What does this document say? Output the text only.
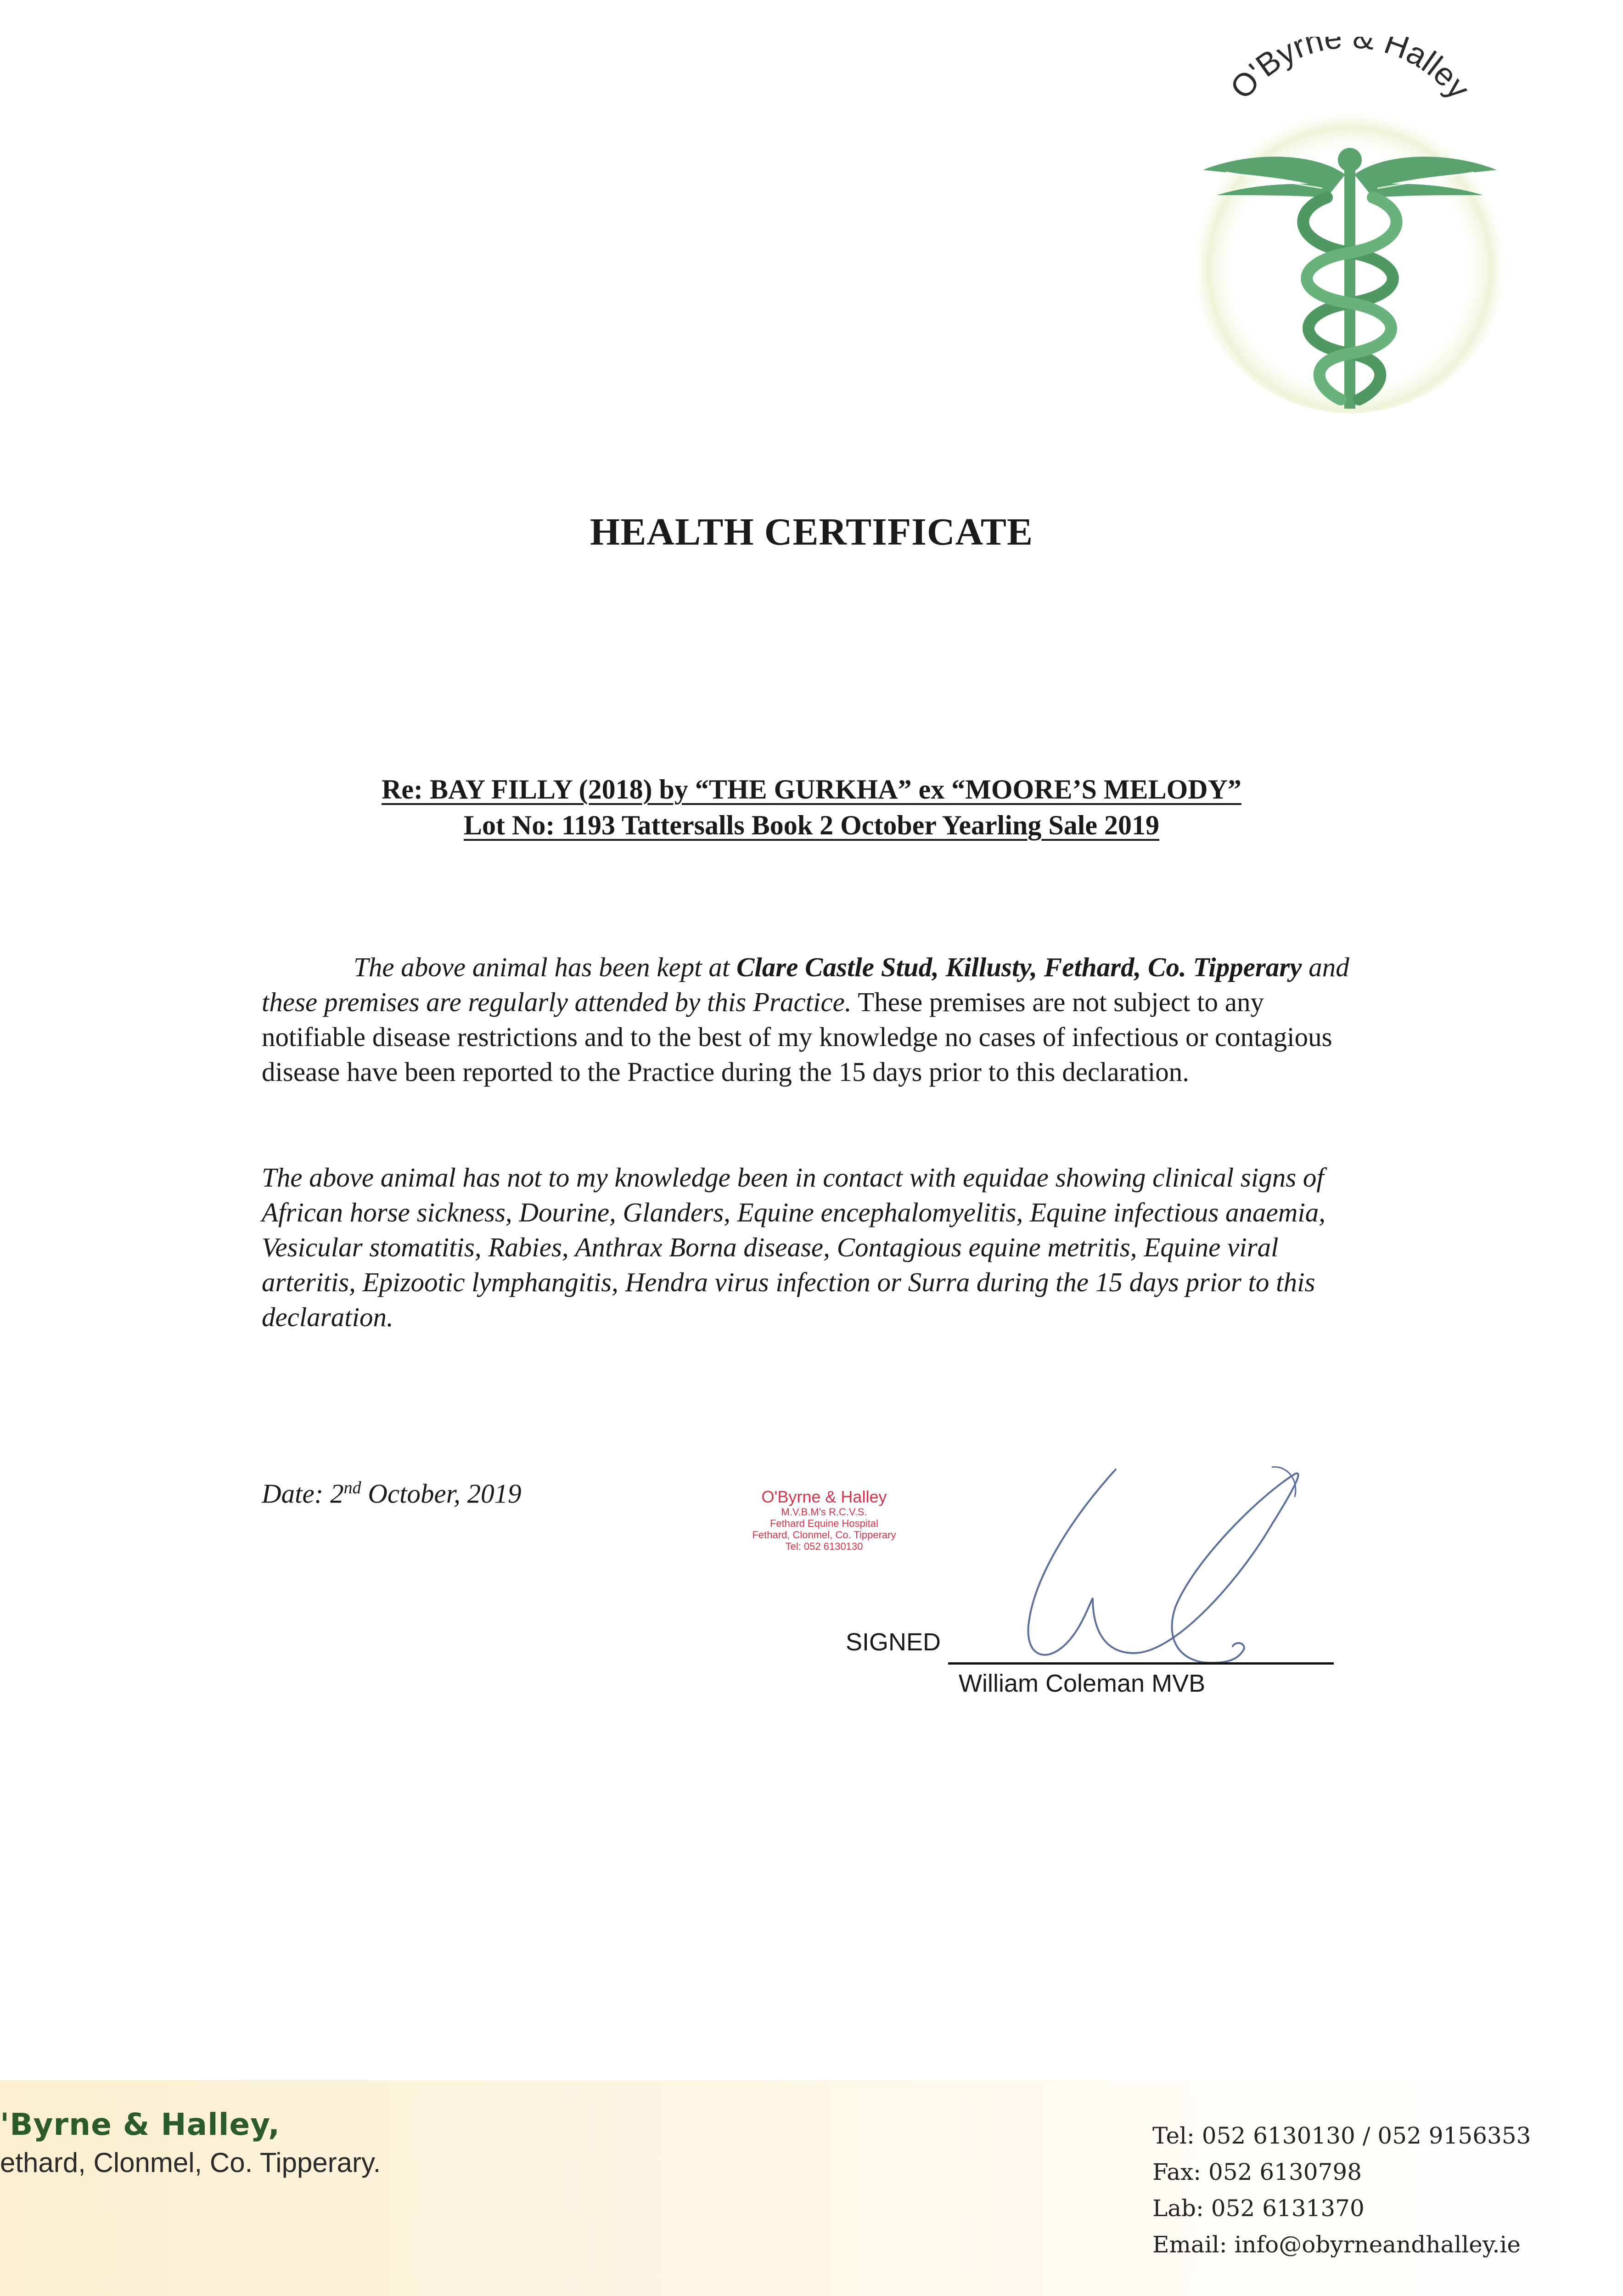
O'Byrne & Halley
HEALTH CERTIFICATE
Re: BAY FILLY (2018) by “THE GURKHA” ex “MOORE’S MELODY”
Lot No: 1193 Tattersalls Book 2 October Yearling Sale 2019
The above animal has been kept at Clare Castle Stud, Killusty, Fethard, Co. Tipperary and these premises are regularly attended by this Practice. These premises are not subject to any notifiable disease restrictions and to the best of my knowledge no cases of infectious or contagious disease have been reported to the Practice during the 15 days prior to this declaration.
The above animal has not to my knowledge been in contact with equidae showing clinical signs of African horse sickness, Dourine, Glanders, Equine encephalomyelitis, Equine infectious anaemia, Vesicular stomatitis, Rabies, Anthrax Borna disease, Contagious equine metritis, Equine viral arteritis, Epizootic lymphangitis, Hendra virus infection or Surra during the 15 days prior to this declaration.
Date: 2nd October, 2019	O'Byrne & Halley
M.V.B.M's R.C.V.S.
Fethard Equine Hospital
Fethard, Clonmel, Co. Tipperary
Tel: 052 6130130
SIGNED
William Coleman MVB
'Byrne & Halley,
ethard, Clonmel, Co. Tipperary.
Tel: 052 6130130 / 052 9156353
Fax: 052 6130798
Lab: 052 6131370
Email: info@obyrneandhalley.ie
